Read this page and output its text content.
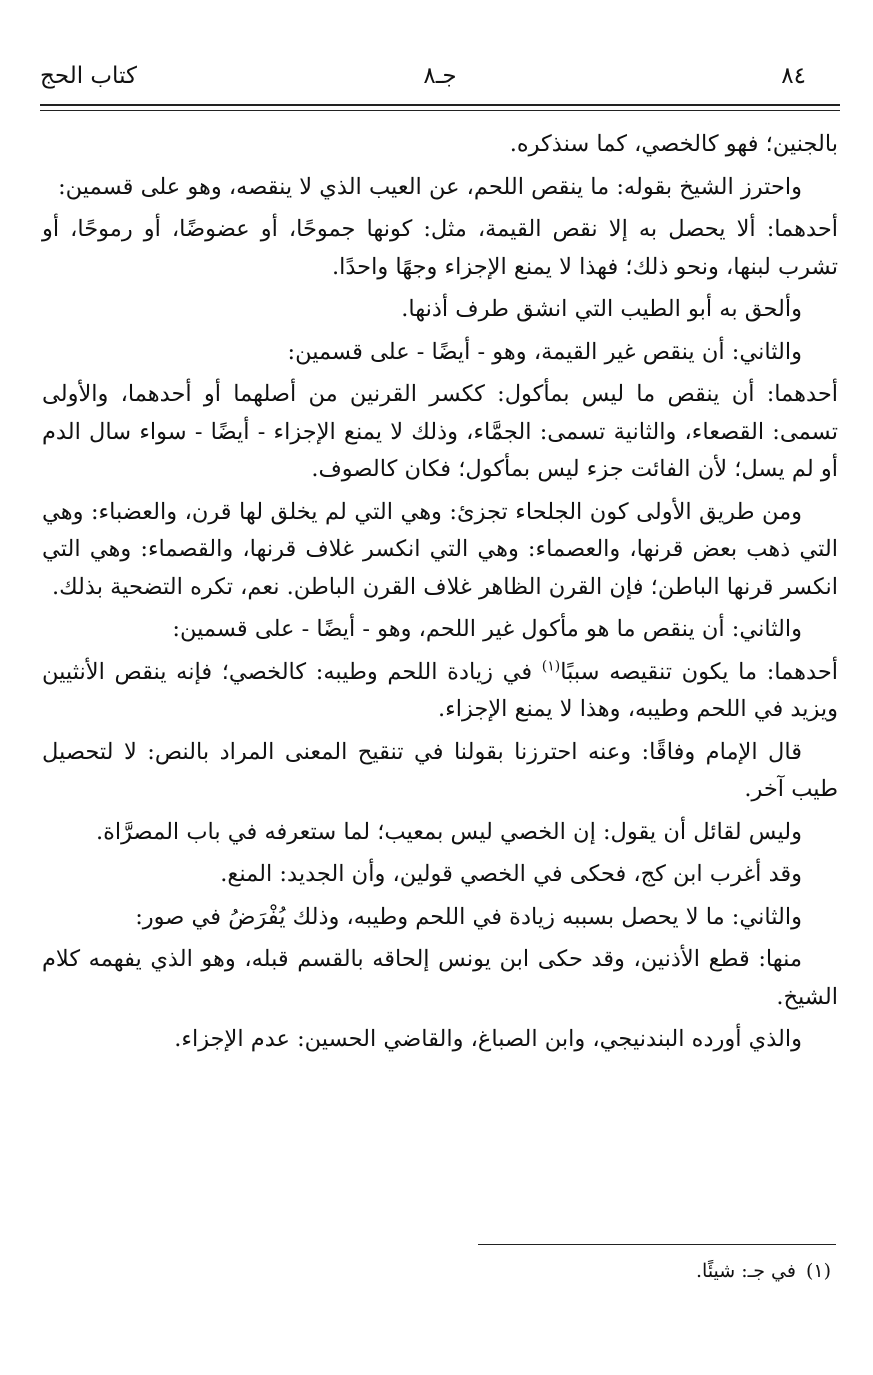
٨٤
جـ٨
كتاب الحج

بالجنين؛ فهو كالخصي، كما سنذكره.

واحترز الشيخ بقوله: ما ينقص اللحم، عن العيب الذي لا ينقصه، وهو على قسمين:

أحدهما: ألا يحصل به إلا نقص القيمة، مثل: كونها جموحًا، أو عضوضًا، أو رموحًا، أو تشرب لبنها، ونحو ذلك؛ فهذا لا يمنع الإجزاء وجهًا واحدًا.

وألحق به أبو الطيب التي انشق طرف أذنها.

والثاني: أن ينقص غير القيمة، وهو - أيضًا - على قسمين:

أحدهما: أن ينقص ما ليس بمأكول: ككسر القرنين من أصلهما أو أحدهما، والأولى تسمى: القصعاء، والثانية تسمى: الجمَّاء، وذلك لا يمنع الإجزاء - أيضًا - سواء سال الدم أو لم يسل؛ لأن الفائت جزء ليس بمأكول؛ فكان كالصوف.

ومن طريق الأولى كون الجلحاء تجزئ: وهي التي لم يخلق لها قرن، والعضباء: وهي التي ذهب بعض قرنها، والعصماء: وهي التي انكسر غلاف قرنها، والقصماء: وهي التي انكسر قرنها الباطن؛ فإن القرن الظاهر غلاف القرن الباطن. نعم، تكره التضحية بذلك.

والثاني: أن ينقص ما هو مأكول غير اللحم، وهو - أيضًا - على قسمين:

أحدهما: ما يكون تنقيصه سببًا$^{(١)}$ في زيادة اللحم وطيبه: كالخصي؛ فإنه ينقص الأنثيين ويزيد في اللحم وطيبه، وهذا لا يمنع الإجزاء.

قال الإمام وفاقًا: وعنه احترزنا بقولنا في تنقيح المعنى المراد بالنص: لا لتحصيل طيب آخر.

وليس لقائل أن يقول: إن الخصي ليس بمعيب؛ لما ستعرفه في باب المصرَّاة.

وقد أغرب ابن كج، فحكى في الخصي قولين، وأن الجديد: المنع.

والثاني: ما لا يحصل بسببه زيادة في اللحم وطيبه، وذلك يُفْرَضُ في صور:

منها: قطع الأذنين، وقد حكى ابن يونس إلحاقه بالقسم قبله، وهو الذي يفهمه كلام الشيخ.

والذي أورده البندنيجي، وابن الصباغ، والقاضي الحسين: عدم الإجزاء.

(١)في جـ: شيئًا.
